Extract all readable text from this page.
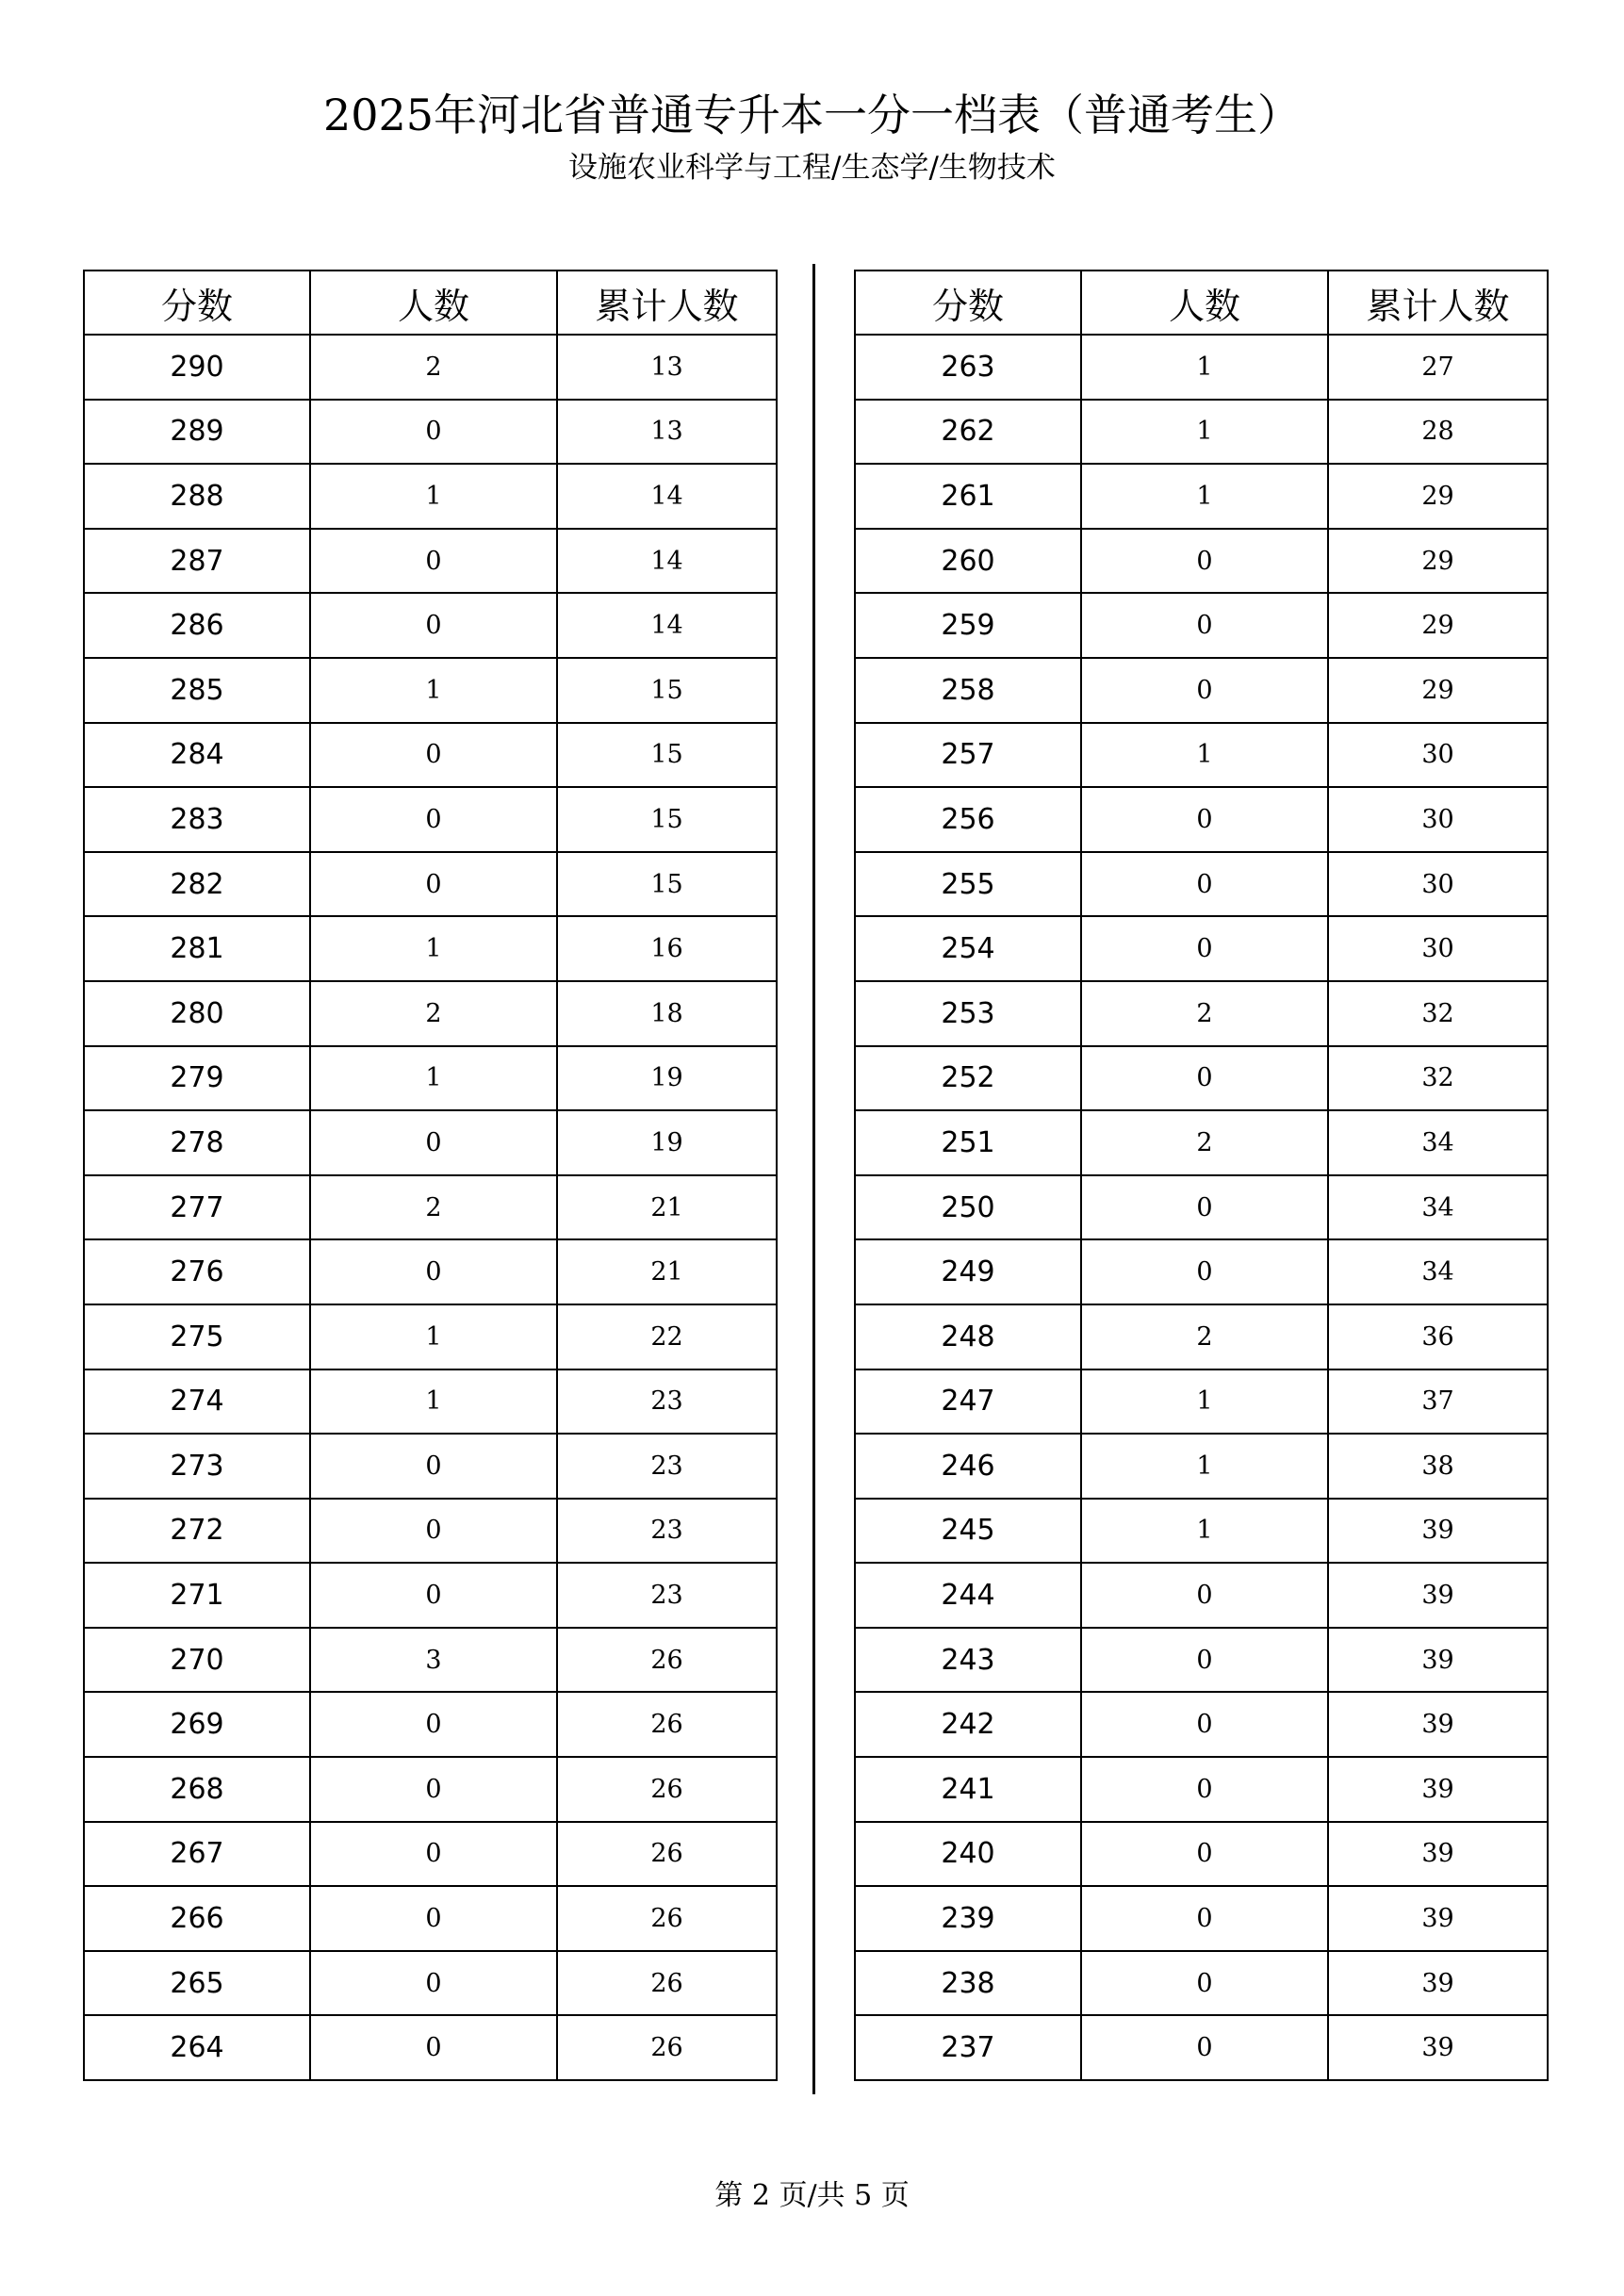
2025年河北省普通专升本一分一档表（普通考生）
设施农业科学与工程/生态学/生物技术
分数	人数	累计人数
290	2	13
289	0	13
288	1	14
287	0	14
286	0	14
285	1	15
284	0	15
283	0	15
282	0	15
281	1	16
280	2	18
279	1	19
278	0	19
277	2	21
276	0	21
275	1	22
274	1	23
273	0	23
272	0	23
271	0	23
270	3	26
269	0	26
268	0	26
267	0	26
266	0	26
265	0	26
264	0	26
分数	人数	累计人数
263	1	27
262	1	28
261	1	29
260	0	29
259	0	29
258	0	29
257	1	30
256	0	30
255	0	30
254	0	30
253	2	32
252	0	32
251	2	34
250	0	34
249	0	34
248	2	36
247	1	37
246	1	38
245	1	39
244	0	39
243	0	39
242	0	39
241	0	39
240	0	39
239	0	39
238	0	39
237	0	39
第 2 页/共 5 页
